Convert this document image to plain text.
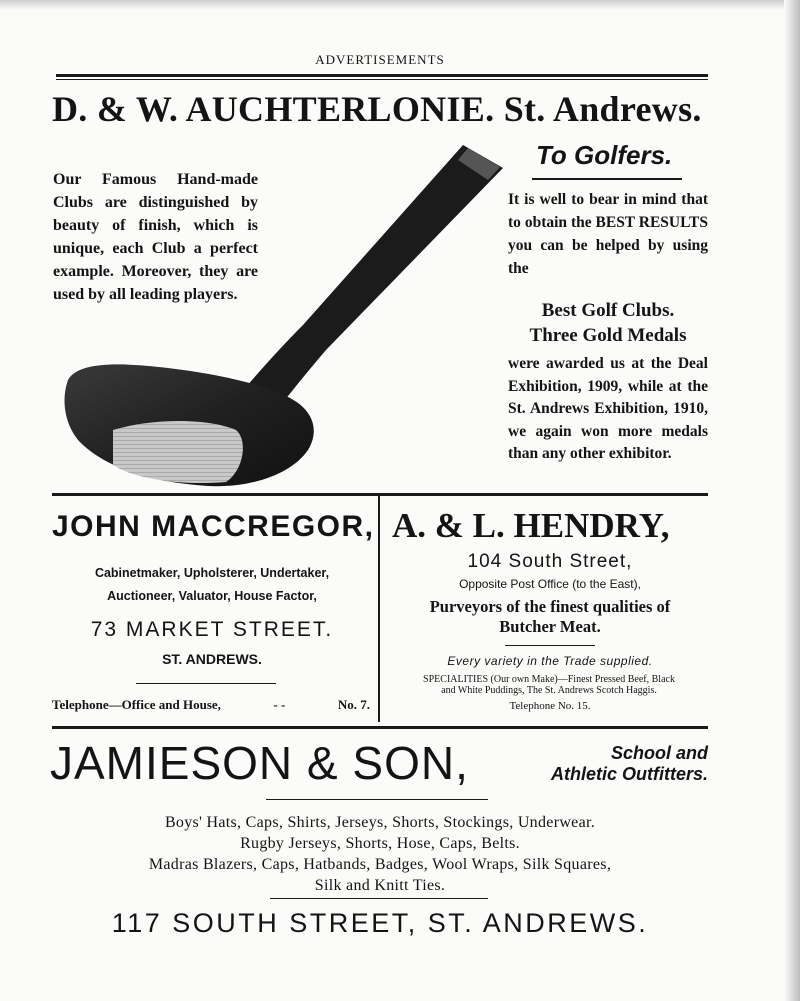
ADVERTISEMENTS
D. & W. AUCHTERLONIE. St. Andrews.

Our Famous Hand-made Clubs are distinguished by beauty of finish, which is unique, each Club a perfect example. Moreover, they are used by all leading players.

To Golfers.

It is well to bear in mind that to obtain the BEST RESULTS you can be helped by using the

Best Golf Clubs.
Three Gold Medals

were awarded us at the Deal Exhibition, 1909, while at the St. Andrews Exhibition, 1910, we again won more medals than any other exhibitor.

JOHN MACCREGOR,
Cabinetmaker, Upholsterer, Undertaker,
Auctioneer, Valuator, House Factor,
73 MARKET STREET.
ST. ANDREWS.
Telephone—Office and House,	- -	No. 7.
A. & L. HENDRY,
104 South Street,
Opposite Post Office (to the East),
Purveyors of the finest qualities of
Butcher Meat.
Every variety in the Trade supplied.
SPECIALITIES (Our own Make)—Finest Pressed Beef, Black
and White Puddings, The St. Andrews Scotch Haggis.
Telephone No. 15.
JAMIESON & SON,	School and
Athletic Outfitters.
Boys' Hats, Caps, Shirts, Jerseys, Shorts, Stockings, Underwear.
Rugby Jerseys, Shorts, Hose, Caps, Belts.
Madras Blazers, Caps, Hatbands, Badges, Wool Wraps, Silk Squares,
Silk and Knitt Ties.
117 SOUTH STREET, ST. ANDREWS.
